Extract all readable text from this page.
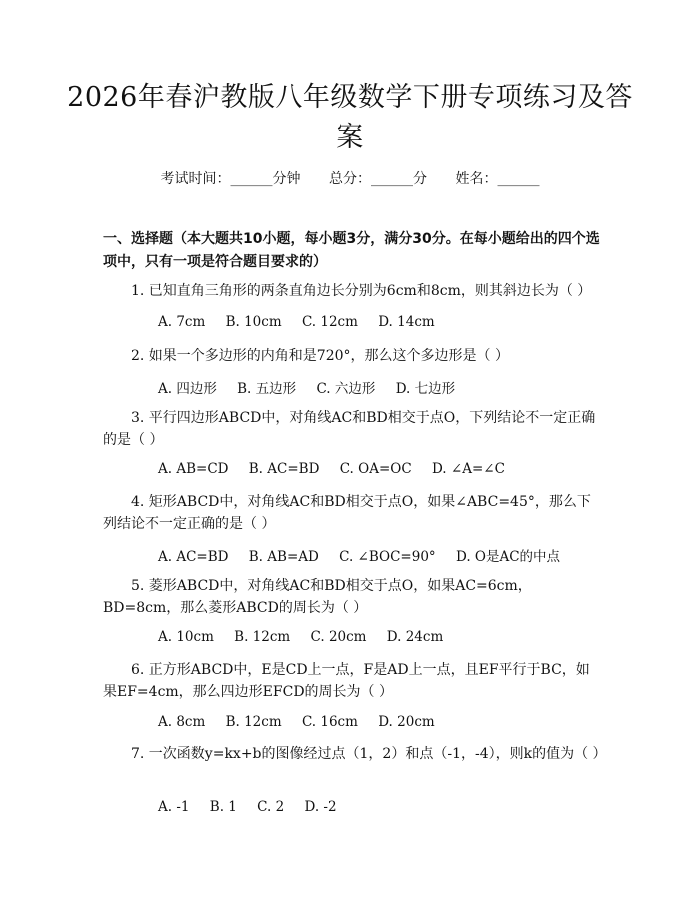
2026年春沪教版八年级数学下册专项练习及答案
考试时间：______分钟 总分：______分 姓名：______
一、选择题（本大题共10小题，每小题3分，满分30分。在每小题给出的四个选项中，只有一项是符合题目要求的）
1. 已知直角三角形的两条直角边长分别为6cm和8cm，则其斜边长为（ ）
A. 7cm B. 10cm C. 12cm D. 14cm
2. 如果一个多边形的内角和是720°，那么这个多边形是（ ）
A. 四边形 B. 五边形 C. 六边形 D. 七边形
3. 平行四边形ABCD中，对角线AC和BD相交于点O，下列结论不一定正确的是（ ）
A. AB=CD B. AC=BD C. OA=OC D. ∠A=∠C
4. 矩形ABCD中，对角线AC和BD相交于点O，如果∠ABC=45°，那么下列结论不一定正确的是（ ）
A. AC=BD B. AB=AD C. ∠BOC=90° D. O是AC的中点
5. 菱形ABCD中，对角线AC和BD相交于点O，如果AC=6cm，BD=8cm，那么菱形ABCD的周长为（ ）
A. 10cm B. 12cm C. 20cm D. 24cm
6. 正方形ABCD中，E是CD上一点，F是AD上一点，且EF平行于BC，如果EF=4cm，那么四边形EFCD的周长为（ ）
A. 8cm B. 12cm C. 16cm D. 20cm
7. 一次函数y=kx+b的图像经过点（1，2）和点（-1，-4），则k的值为（ ）
A. -1 B. 1 C. 2 D. -2
